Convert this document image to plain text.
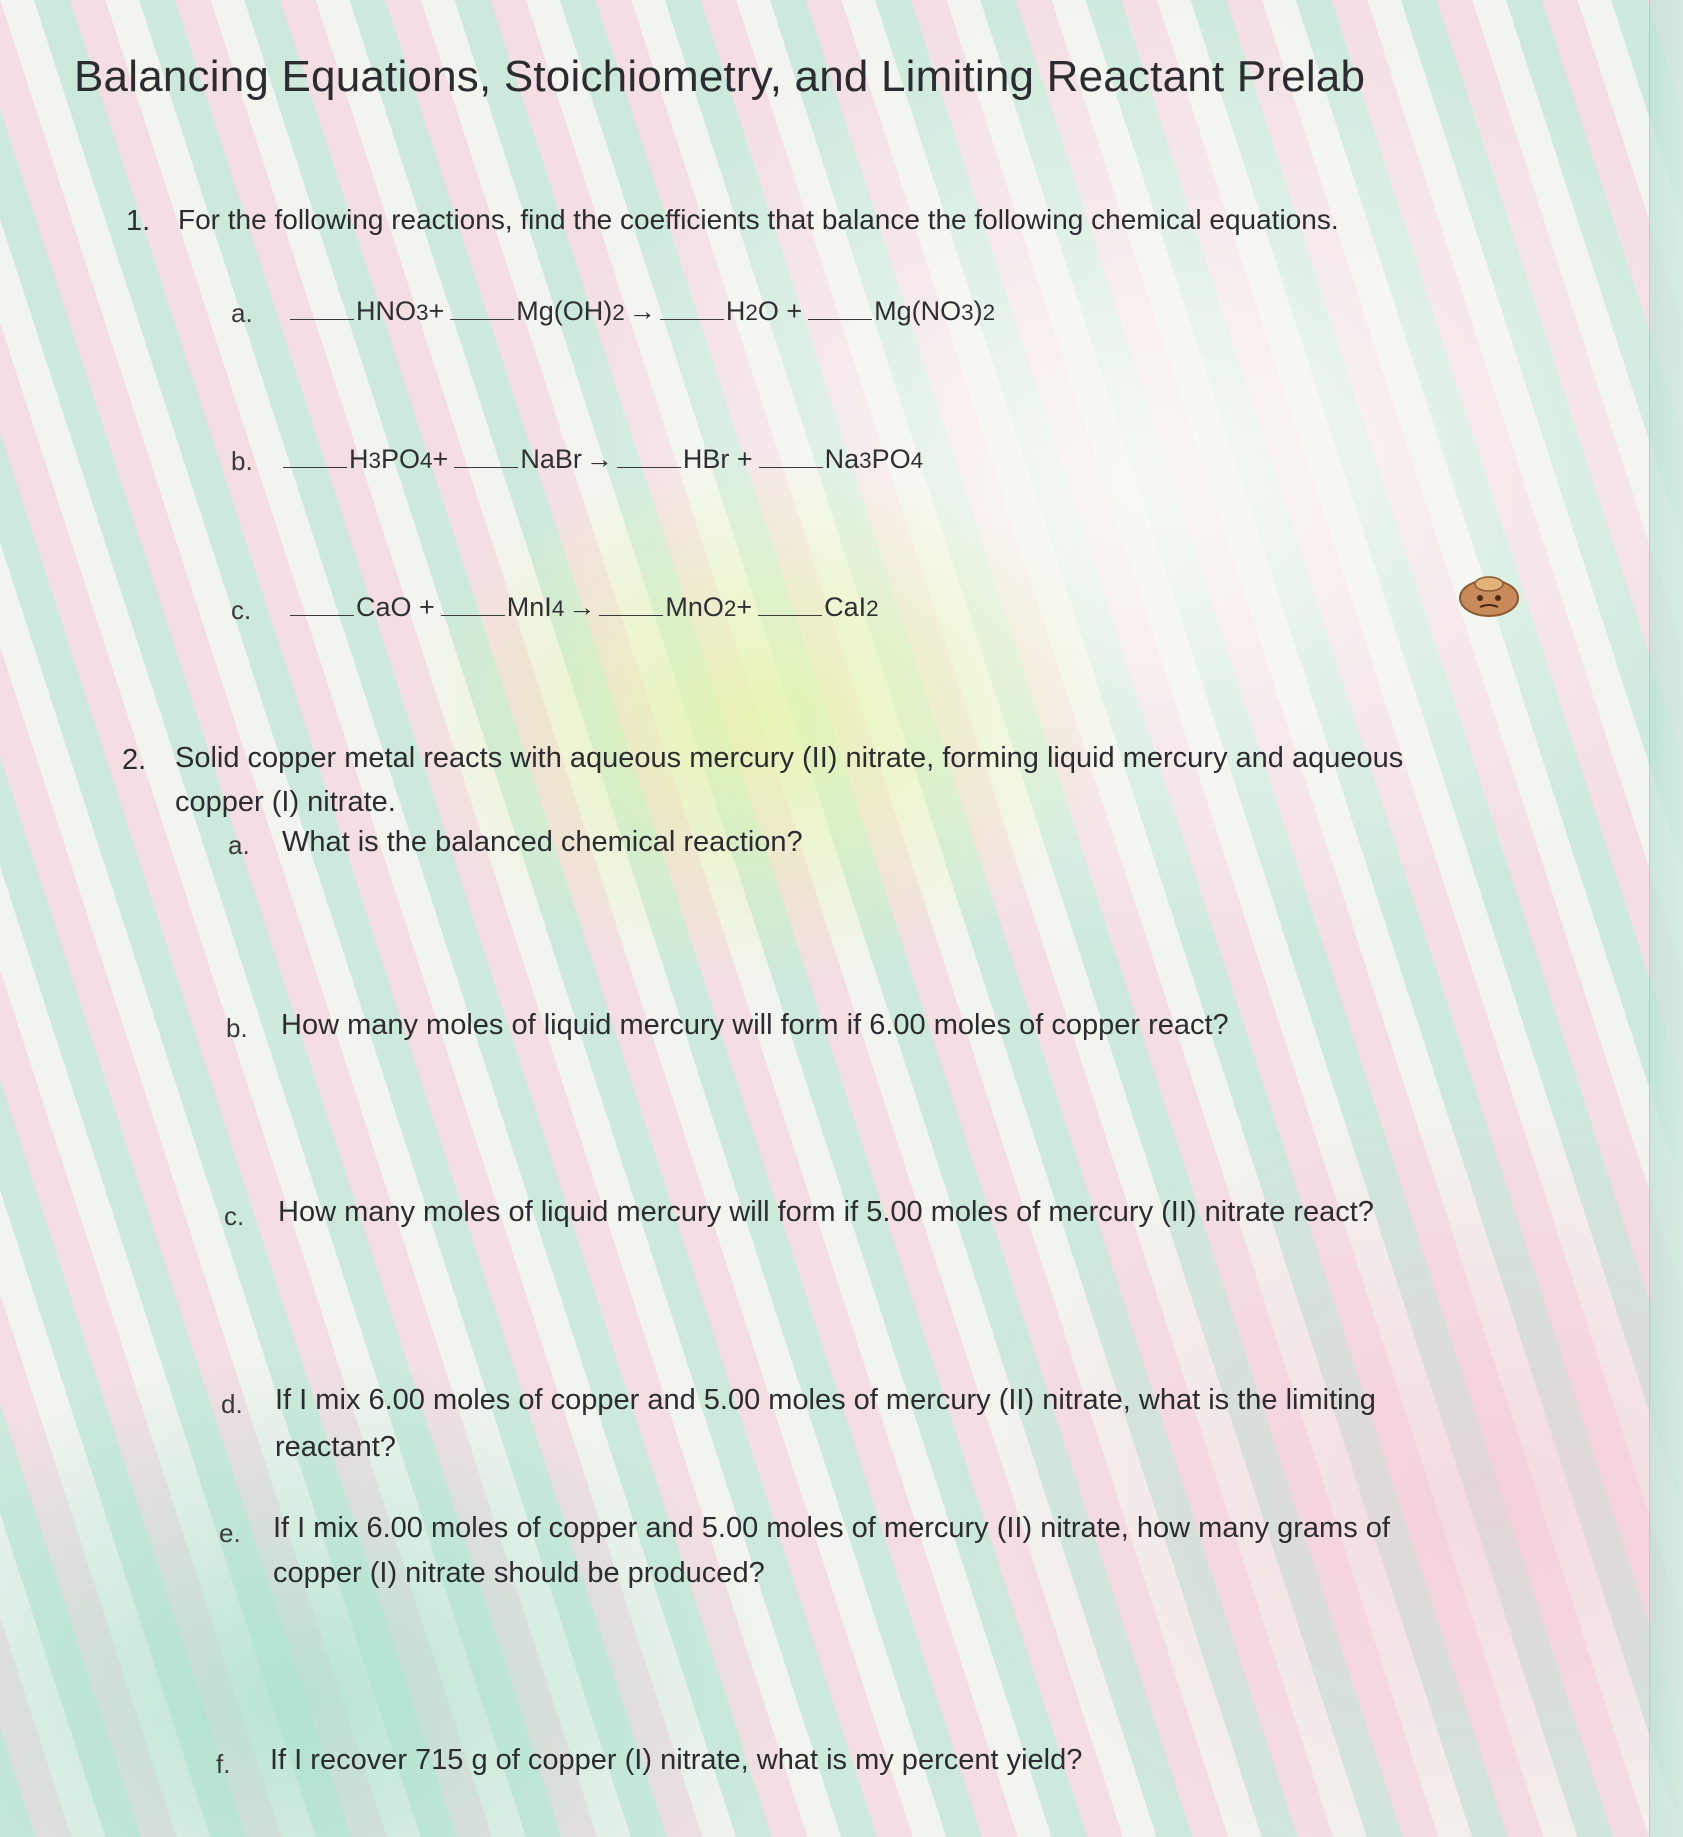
Balancing Equations, Stoichiometry, and Limiting Reactant Prelab
1. For the following reactions, find the coefficients that balance the following chemical equations.
a.	HNO 3 +	Mg(OH) 2 →	H 2 O +	Mg(NO 3 ) 2
b.	H 3 PO 4 +	NaBr →	HBr +	Na 3 PO 4
c.	CaO +	MnI 4 →	MnO 2 +	CaI 2
2. Solid copper metal reacts with aqueous mercury (II) nitrate, forming liquid mercury and aqueous
copper (I) nitrate.
a. What is the balanced chemical reaction?
b. How many moles of liquid mercury will form if 6.00 moles of copper react?
c. How many moles of liquid mercury will form if 5.00 moles of mercury (II) nitrate react?
d. If I mix 6.00 moles of copper and 5.00 moles of mercury (II) nitrate, what is the limiting
reactant?
e. If I mix 6.00 moles of copper and 5.00 moles of mercury (II) nitrate, how many grams of
copper (I) nitrate should be produced?
f. If I recover 715 g of copper (I) nitrate, what is my percent yield?
